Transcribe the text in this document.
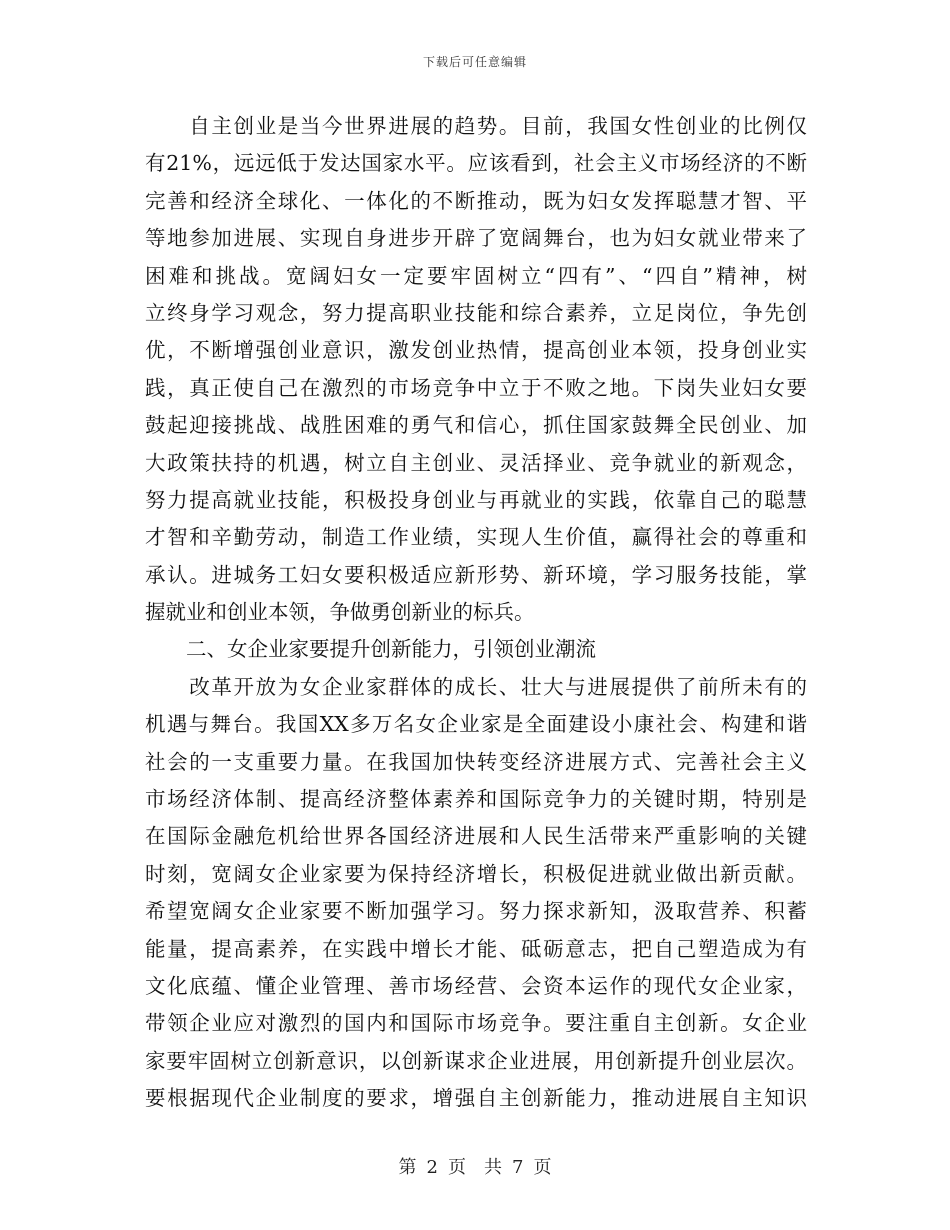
下载后可任意编辑
　　自主创业是当今世界进展的趋势。目前，我国女性创业的比例仅
有21%，远远低于发达国家水平。应该看到，社会主义市场经济的不断
完善和经济全球化、一体化的不断推动，既为妇女发挥聪慧才智、平
等地参加进展、实现自身进步开辟了宽阔舞台，也为妇女就业带来了
困难和挑战。宽阔妇女一定要牢固树立“四有”、“四自”精神，树
立终身学习观念，努力提高职业技能和综合素养，立足岗位，争先创
优，不断增强创业意识，激发创业热情，提高创业本领，投身创业实
践，真正使自己在激烈的市场竞争中立于不败之地。下岗失业妇女要
鼓起迎接挑战、战胜困难的勇气和信心，抓住国家鼓舞全民创业、加
大政策扶持的机遇，树立自主创业、灵活择业、竞争就业的新观念，
努力提高就业技能，积极投身创业与再就业的实践，依靠自己的聪慧
才智和辛勤劳动，制造工作业绩，实现人生价值，赢得社会的尊重和
承认。进城务工妇女要积极适应新形势、新环境，学习服务技能，掌
握就业和创业本领，争做勇创新业的标兵。
　　二、女企业家要提升创新能力，引领创业潮流
　　改革开放为女企业家群体的成长、壮大与进展提供了前所未有的
机遇与舞台。我国XX多万名女企业家是全面建设小康社会、构建和谐
社会的一支重要力量。在我国加快转变经济进展方式、完善社会主义
市场经济体制、提高经济整体素养和国际竞争力的关键时期，特别是
在国际金融危机给世界各国经济进展和人民生活带来严重影响的关键
时刻，宽阔女企业家要为保持经济增长，积极促进就业做出新贡献。
希望宽阔女企业家要不断加强学习。努力探求新知，汲取营养、积蓄
能量，提高素养，在实践中增长才能、砥砺意志，把自己塑造成为有
文化底蕴、懂企业管理、善市场经营、会资本运作的现代女企业家，
带领企业应对激烈的国内和国际市场竞争。要注重自主创新。女企业
家要牢固树立创新意识，以创新谋求企业进展，用创新提升创业层次。
要根据现代企业制度的要求，增强自主创新能力，推动进展自主知识
第 2 页　共 7 页
